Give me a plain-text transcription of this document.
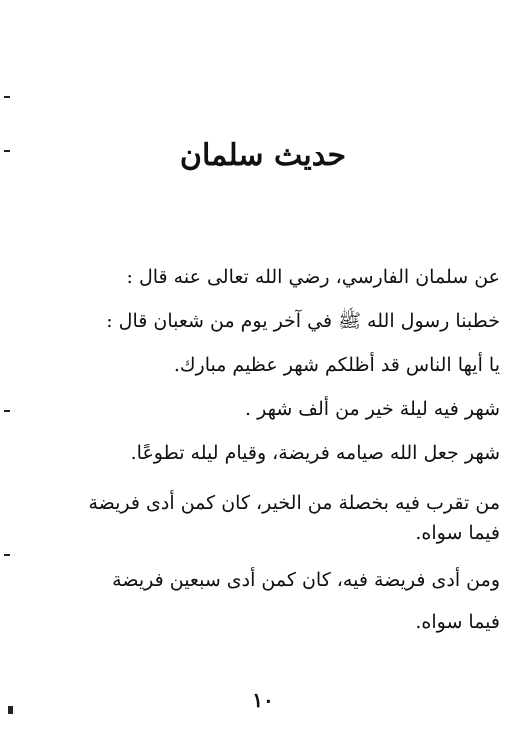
حديث سلمان
عن سلمان الفارسي، رضي الله تعالى عنه قال :
خطبنا رسول الله ﷺ في آخر يوم من شعبان قال :
يا أيها الناس قد أظلكم شهر عظيم مبارك.
شهر فيه ليلة خير من ألف شهر .
شهر جعل الله صيامه فريضة، وقيام ليله تطوعًا.
من تقرب فيه بخصلة من الخير، كان كمن أدى فريضة
فيما سواه.
ومن أدى فريضة فيه، كان كمن أدى سبعين فريضة
فيما سواه.
١٠
